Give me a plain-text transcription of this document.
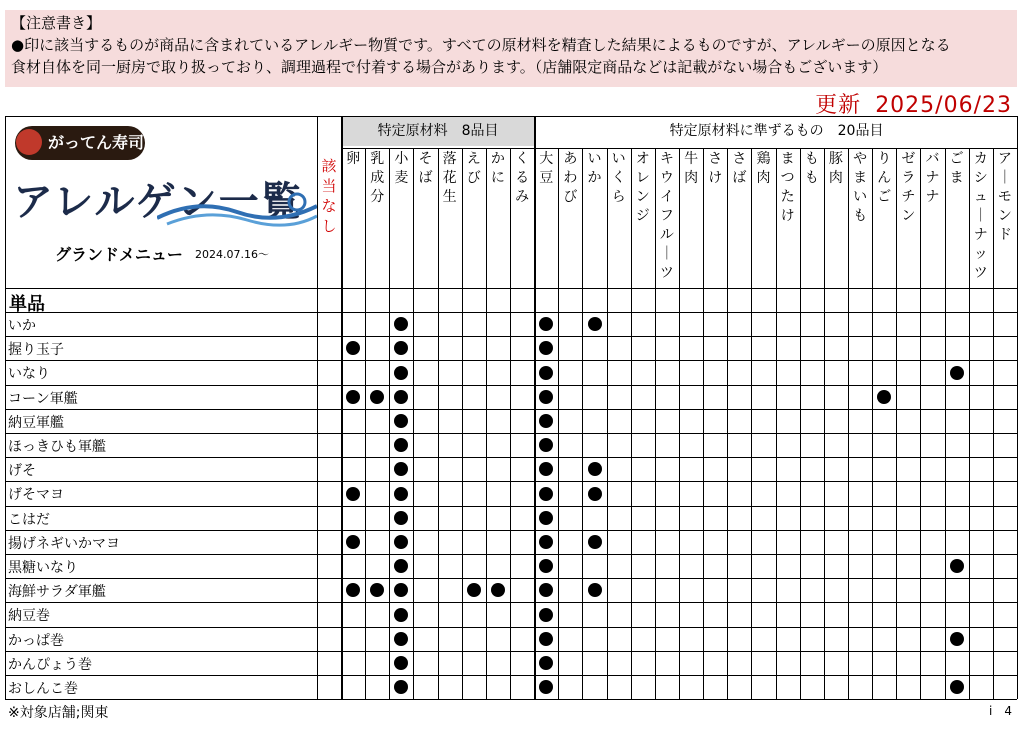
【注意書き】
●印に該当するものが商品に含まれているアレルギー物質です。すべての原材料を精査した結果によるものですが、アレルギーの原因となる
食材自体を同一厨房で取り扱っており、調理過程で付着する場合があります。（店舗限定商品などは記載がない場合もございます）
更新 2025/06/23
がってん寿司
アレルゲン一覧
グランドメニュー 2024.07.16～
該
当
な
し
特定原材料　8品目	特定原材料に準ずるもの　20品目
単品
卵 乳
成
分
小
麦
そ
ば
落
花
生
え
び
か
に
く
る
み
大
豆
あ
わ
び
い
か
い
く
ら
オ
レ
ン
ジ
キ
ウ
イ
フ
ル
｜
ツ
牛
肉
さ
け
さ
ば
鶏
肉
ま
つ
た
け
も
も
豚
肉
や
ま
い
も
り
ん
ご
ゼ
ラ
チ
ン
バ
ナ
ナ
ご
ま
カ
シ
ュ
｜
ナ
ッ
ツ
ア
｜
モ
ン
ド
いか
握り玉子
いなり
コーン軍艦
納豆軍艦
ほっきひも軍艦
げそ
げそマヨ
こはだ
揚げネギいかマヨ
黒糖いなり
海鮮サラダ軍艦
納豆巻
かっぱ巻
かんぴょう巻
おしんこ巻
※対象店舗;関東	i　4
